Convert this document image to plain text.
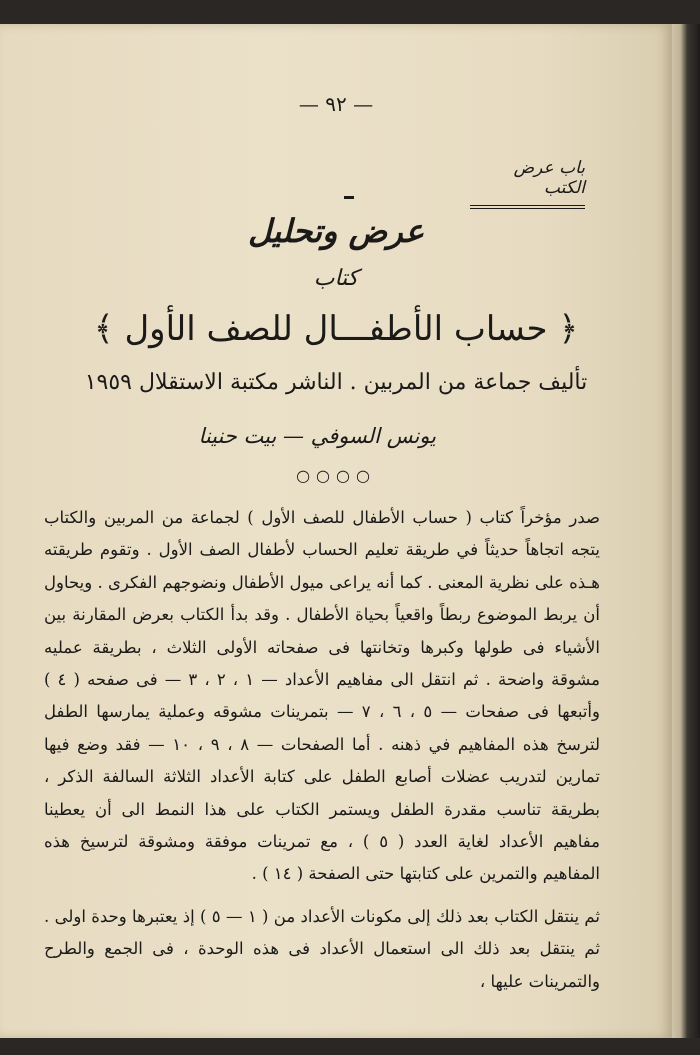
— ٩٢ —
باب عرض الكتب
عرض وتحليل
كتاب
﴿ حساب الأطفـــال للصف الأول ﴾
تأليف جماعة من المربين . الناشر مكتبة الاستقلال ١٩٥٩
يونس السوفي — بيت حنينا
○○○○

صدر مؤخراً كتاب ( حساب الأطفال للصف الأول ) لجماعة من المربين والكتاب يتجه اتجاهاً حديثاً في طريقة تعليم الحساب لأطفال الصف الأول . وتقوم طريقته هـذه على نظرية المعنى . كما أنه يراعى ميول الأطفال ونضوجهم الفكرى . ويحاول أن يربط الموضوع ربطاً واقعياً بحياة الأطفال . وقد بدأ الكتاب بعرض المقارنة بين الأشياء فى طولها وكبرها وتخانتها فى صفحاته الأولى الثلاث ، بطريقة عمليه مشوقة واضحة . ثم انتقل الى مفاهيم الأعداد — ١ ، ٢ ، ٣ — فى صفحه ( ٤ ) وأتبعها فى صفحات — ٥ ، ٦ ، ٧ — بتمرينات مشوقه وعملية يمارسها الطفل لترسخ هذه المفاهيم في ذهنه . أما الصفحات — ٨ ، ٩ ، ١٠ — فقد وضع فيها تمارين لتدريب عضلات أصابع الطفل على كتابة الأعداد الثلاثة السالفة الذكر ، بطريقة تناسب مقدرة الطفل ويستمر الكتاب على هذا النمط الى أن يعطينا مفاهيم الأعداد لغاية العدد ( ٥ ) ، مع تمرينات موفقة ومشوقة لترسيخ هذه المفاهيم والتمرين على كتابتها حتى الصفحة ( ١٤ ) .

ثم ينتقل الكتاب بعد ذلك إلى مكونات الأعداد من ( ١ — ٥ ) إذ يعتبرها وحدة اولى . ثم ينتقل بعد ذلك الى استعمال الأعداد فى هذه الوحدة ، فى الجمع والطرح والتمرينات عليها ،
